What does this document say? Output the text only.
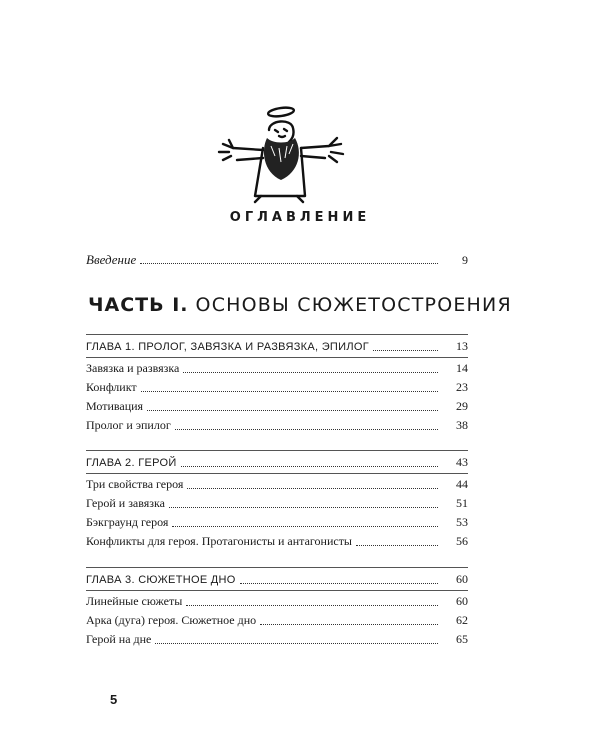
ОГЛАВЛЕНИЕ
Введение	9
ЧАСТЬ I. ОСНОВЫ СЮЖЕТОСТРОЕНИЯ
ГЛАВА 1. ПРОЛОГ, ЗАВЯЗКА И РАЗВЯЗКА, ЭПИЛОГ	13
Завязка и развязка	14
Конфликт	23
Мотивация	29
Пролог и эпилог	38
ГЛАВА 2. ГЕРОЙ	43
Три свойства героя	44
Герой и завязка	51
Бэкграунд героя	53
Конфликты для героя. Протагонисты и антагонисты	56
ГЛАВА 3. СЮЖЕТНОЕ ДНО	60
Линейные сюжеты	60
Арка (дуга) героя. Сюжетное дно	62
Герой на дне	65
5
